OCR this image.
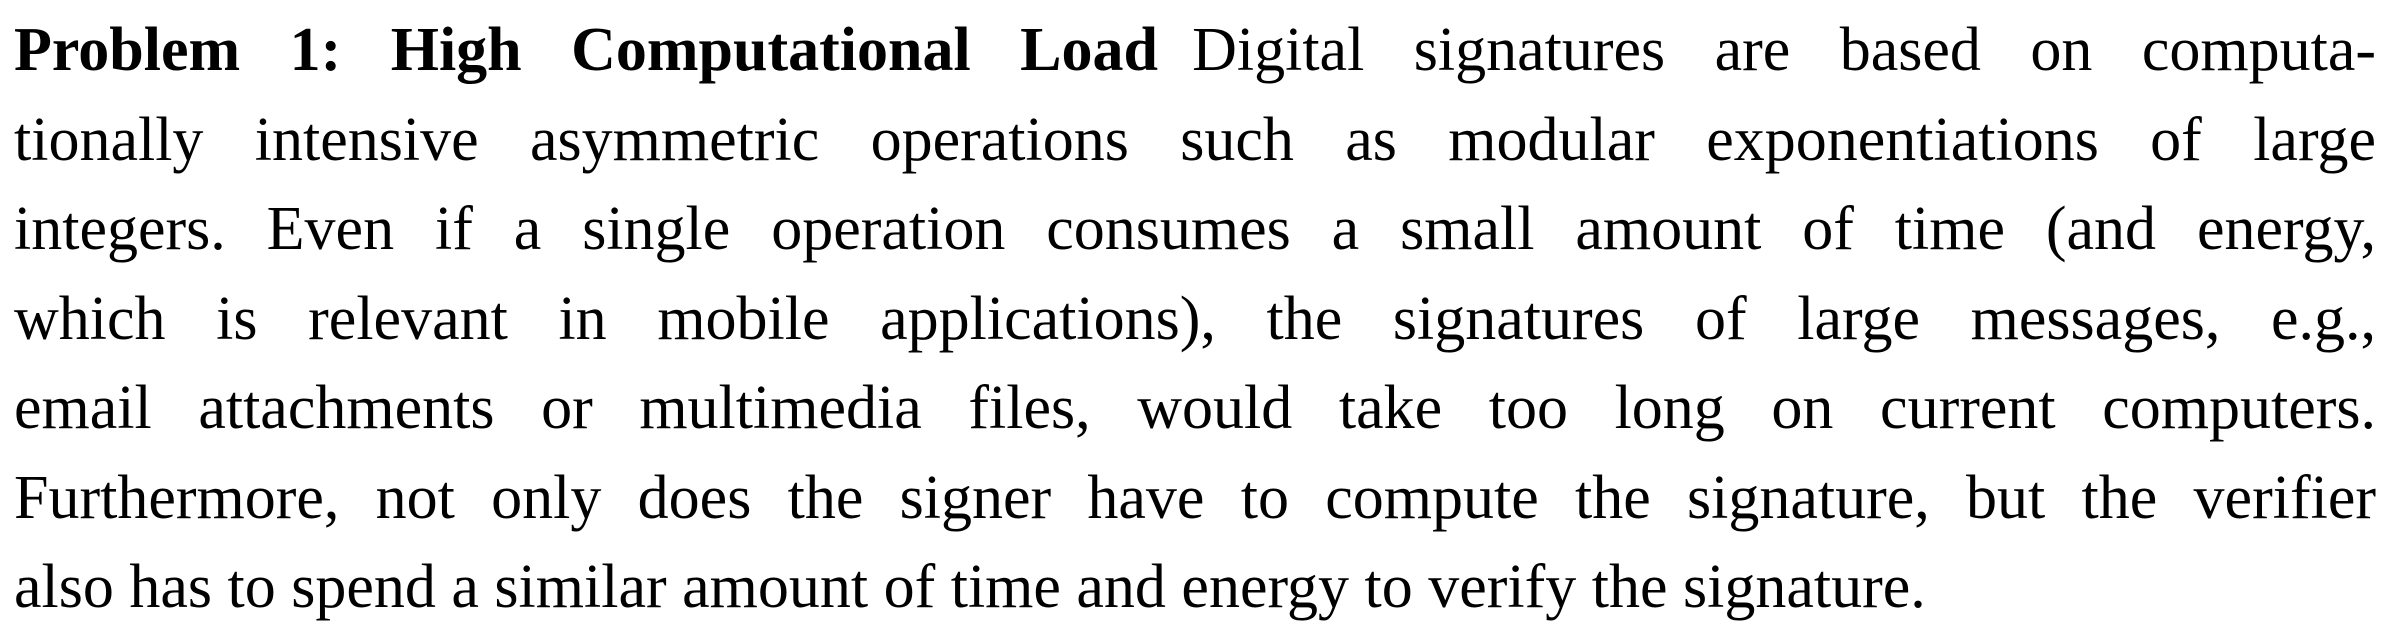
Problem 1: High Computational Load Digital signatures are based on computa-
tionally intensive asymmetric operations such as modular exponentiations of large
integers. Even if a single operation consumes a small amount of time (and energy,
which is relevant in mobile applications), the signatures of large messages, e.g.,
email attachments or multimedia files, would take too long on current computers.
Furthermore, not only does the signer have to compute the signature, but the verifier
also has to spend a similar amount of time and energy to verify the signature.
